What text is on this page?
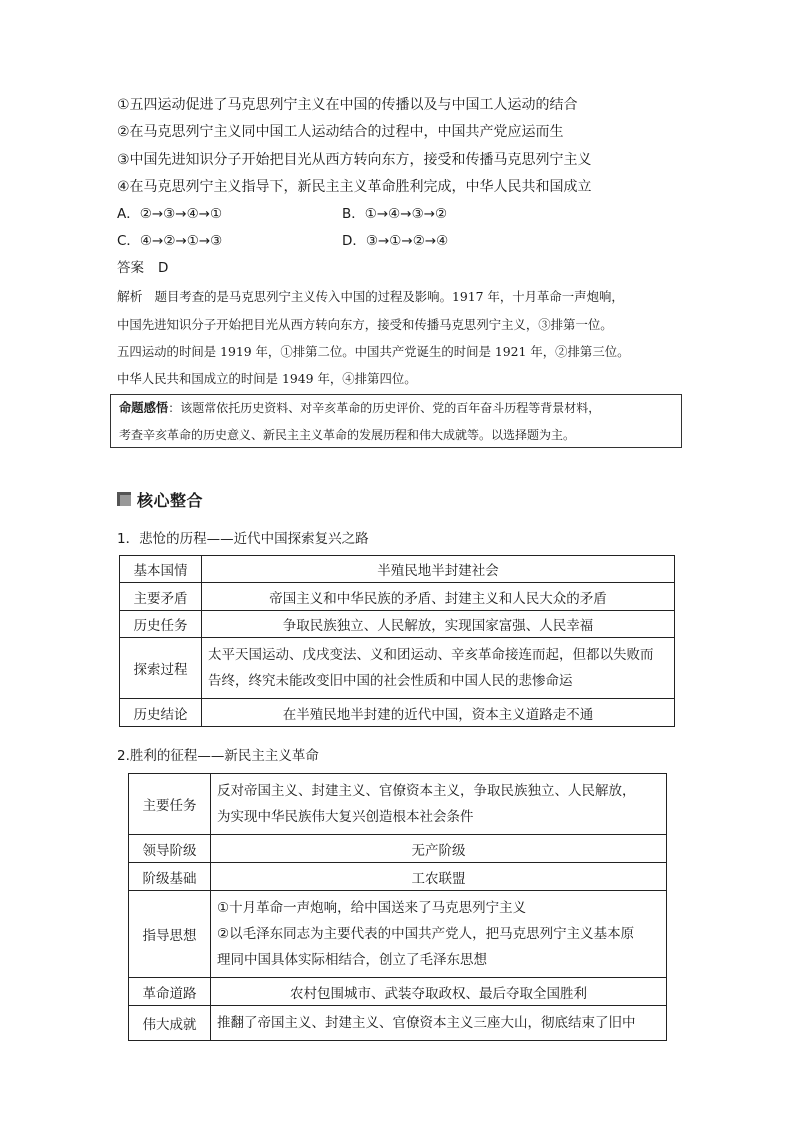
①五四运动促进了马克思列宁主义在中国的传播以及与中国工人运动的结合
②在马克思列宁主义同中国工人运动结合的过程中，中国共产党应运而生
③中国先进知识分子开始把目光从西方转向东方，接受和传播马克思列宁主义
④在马克思列宁主义指导下，新民主主义革命胜利完成，中华人民共和国成立
A．②→③→④→①	B．①→④→③→②
C．④→②→①→③	D．③→①→②→④
答案 D
解析 题目考查的是马克思列宁主义传入中国的过程及影响。1917 年，十月革命一声炮响，
中国先进知识分子开始把目光从西方转向东方，接受和传播马克思列宁主义，③排第一位。
五四运动的时间是 1919 年，①排第二位。中国共产党诞生的时间是 1921 年，②排第三位。
中华人民共和国成立的时间是 1949 年，④排第四位。
命题感悟：该题常依托历史资料、对辛亥革命的历史评价、党的百年奋斗历程等背景材料，
考查辛亥革命的历史意义、新民主主义革命的发展历程和伟大成就等。以选择题为主。
核心整合
1．悲怆的历程——近代中国探索复兴之路
基本国情	半殖民地半封建社会
主要矛盾	帝国主义和中华民族的矛盾、封建主义和人民大众的矛盾
历史任务	争取民族独立、人民解放，实现国家富强、人民幸福
探索过程	太平天国运动、戊戌变法、义和团运动、辛亥革命接连而起，但都以失败而
告终，终究未能改变旧中国的社会性质和中国人民的悲惨命运

历史结论	在半殖民地半封建的近代中国，资本主义道路走不通
2.胜利的征程——新民主主义革命
主要任务	反对帝国主义、封建主义、官僚资本主义，争取民族独立、人民解放，
为实现中华民族伟大复兴创造根本社会条件

领导阶级	无产阶级
阶级基础	工农联盟
指导思想	①十月革命一声炮响，给中国送来了马克思列宁主义
②以毛泽东同志为主要代表的中国共产党人，把马克思列宁主义基本原
理同中国具体实际相结合，创立了毛泽东思想

革命道路	农村包围城市、武装夺取政权、最后夺取全国胜利
伟大成就	推翻了帝国主义、封建主义、官僚资本主义三座大山，彻底结束了旧中
